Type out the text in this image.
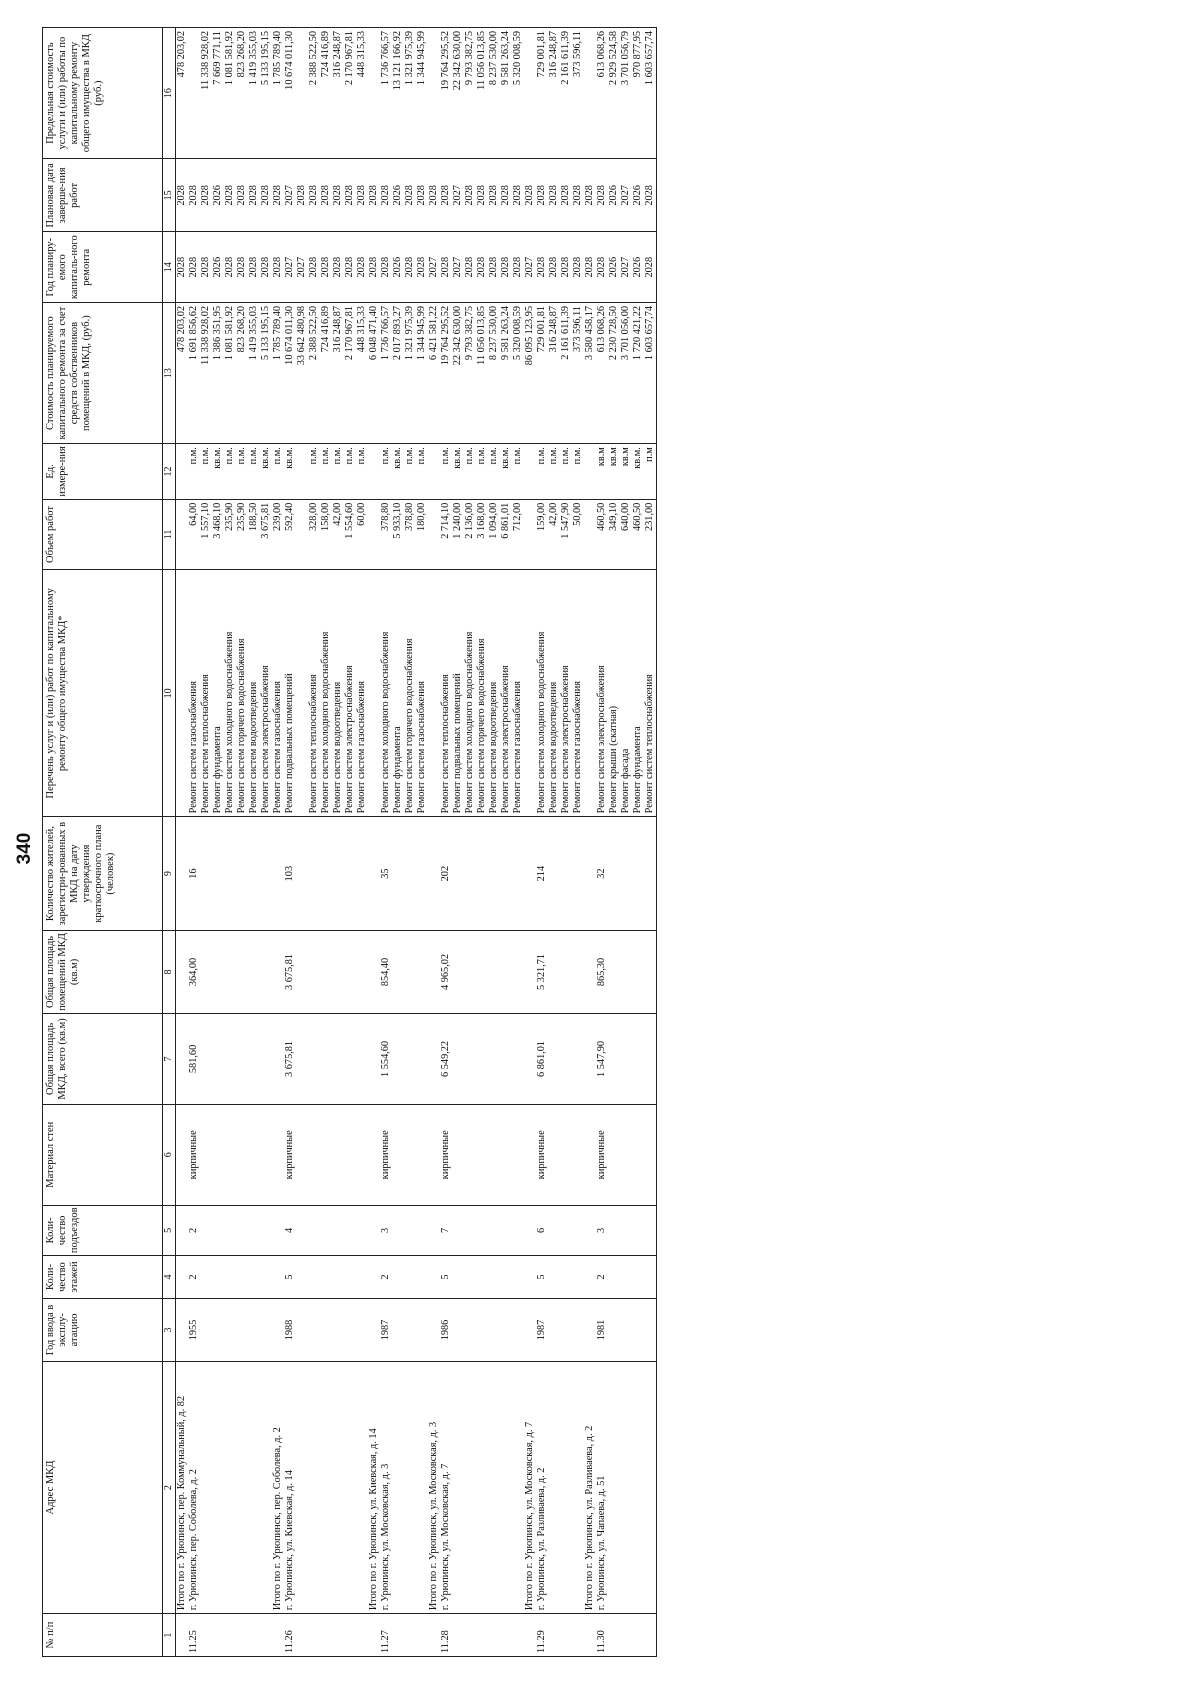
340
№ п/п	Адрес МКД	Год ввода в эксплу-атацию	Коли-чество этажей	Коли-чество подъездов	Материал стен	Общая площадь МКД, всего (кв.м)	Общая площадь помещений МКД (кв.м)	Количество жителей, зарегистри-рованных в МКД на дату утверждения краткосрочного плана (человек)	Перечень услуг и (или) работ по капитальному ремонту общего имущества МКД*	Объем работ	Ед. измере-ния	Стоимость планируемого капитального ремонта за счет средств собственников помещений в МКД, (руб.)	Год планиру-емого капиталь-ного ремонта	Плановая дата заверше-ния работ	Предельная стоимость услуги и (или) работы по капитальному ремонту общего имущества в МКД (руб.)
1	2	3	4	5	6	7	8	9	10	11	12	13	14	15	16
	Итого по г. Урюпинск, пер. Коммунальный, д. 82											478 203,02	2028	2028	478 203,02
11.25	г. Урюпинск, пер. Соболева, д. 2	1955	2	2	кирпичные	581,60	364,00	16	Ремонт систем газоснабжения	64,00	п.м.	1 691 856,62	2028	2028	
									Ремонт систем теплоснабжения	1 557,10	п.м.	11 338 928,02	2028	2028	11 338 928,02
									Ремонт фундамента	3 468,10	кв.м.	1 386 351,95	2026	2026	7 669 771,11
									Ремонт систем холодного водоснабжения	235,90	п.м.	1 081 581,92	2028	2028	1 081 581,92
									Ремонт систем горячего водоснабжения	235,90	п.м.	823 268,20	2028	2028	823 268,20
									Ремонт систем водоотведения	188,50	п.м.	1 419 355,03	2028	2028	1 419 355,03
									Ремонт систем электроснабжения	3 675,81	кв.м.	5 133 195,15	2028	2028	5 133 195,15
	Итого по г. Урюпинск, пер. Соболева, д. 2								Ремонт систем газоснабжения	239,00	п.м.	1 785 789,40	2028	2028	1 785 789,40
11.26	г. Урюпинск, ул. Киевская, д. 14	1988	5	4	кирпичные	3 675,81	3 675,81	103	Ремонт подвальных помещений	592,40	кв.м.	10 674 011,30	2027	2027	10 674 011,30
												33 642 480,98	2027	2028	
									Ремонт систем теплоснабжения	328,00	п.м.	2 388 522,50	2028	2028	2 388 522,50
									Ремонт систем холодного водоснабжения	158,00	п.м.	724 416,89	2028	2028	724 416,89
									Ремонт систем водоотведения	42,00	п.м.	316 248,87	2028	2028	316 248,87
									Ремонт систем электроснабжения	1 554,60	п.м.	2 170 967,81	2028	2028	2 170 967,81
									Ремонт систем газоснабжения	60,00	п.м.	448 315,33	2028	2028	448 315,33
	Итого по г. Урюпинск, ул. Киевская, д. 14											6 048 471,40	2028	2028	
11.27	г. Урюпинск, ул. Московская, д. 3	1987	2	3	кирпичные	1 554,60	854,40	35	Ремонт систем холодного водоснабжения	378,80	п.м.	1 736 766,57	2028	2028	1 736 766,57
									Ремонт фундамента	5 933,10	кв.м.	2 017 893,27	2026	2026	13 121 166,92
									Ремонт систем горячего водоснабжения	378,80	п.м.	1 321 975,39	2028	2028	1 321 975,39
									Ремонт систем газоснабжения	180,00	п.м.	1 344 945,99	2028	2028	1 344 945,99
	Итого по г. Урюпинск, ул. Московская, д. 3											6 421 581,22	2027	2028	
11.28	г. Урюпинск, ул. Московская, д. 7	1986	5	7	кирпичные	6 549,22	4 965,02	202	Ремонт систем теплоснабжения	2 714,10	п.м.	19 764 295,52	2028	2028	19 764 295,52
									Ремонт подвальных помещений	1 240,00	кв.м.	22 342 630,00	2027	2027	22 342 630,00
									Ремонт систем холодного водоснабжения	2 136,00	п.м.	9 793 382,75	2028	2028	9 793 382,75
									Ремонт систем горячего водоснабжения	3 168,00	п.м.	11 056 013,85	2028	2028	11 056 013,85
									Ремонт систем водоотведения	1 094,00	п.м.	8 237 530,00	2028	2028	8 237 530,00
									Ремонт систем электроснабжения	6 861,01	кв.м.	9 581 263,24	2028	2028	9 581 263,24
									Ремонт систем газоснабжения	712,00	п.м.	5 320 008,59	2028	2028	5 320 008,59
	Итого по г. Урюпинск, ул. Московская, д. 7											86 095 123,95	2027	2028	
11.29	г. Урюпинск, ул. Разливаева, д. 2	1987	5	6	кирпичные	6 861,01	5 321,71	214	Ремонт систем холодного водоснабжения	159,00	п.м.	729 001,81	2028	2028	729 001,81
									Ремонт систем водоотведения	42,00	п.м.	316 248,87	2028	2028	316 248,87
									Ремонт систем электроснабжения	1 547,90	п.м.	2 161 611,39	2028	2028	2 161 611,39
									Ремонт систем газоснабжения	50,00	п.м.	373 596,11	2028	2028	373 596,11
	Итого по г. Урюпинск, ул. Разливаева, д. 2											3 580 458,17	2028	2028	
11.30	г. Урюпинск, ул. Чапаева, д. 51	1981	2	3	кирпичные	1 547,90	865,30	32	Ремонт систем электроснабжения	460,50	кв.м	613 068,26	2028	2028	613 068,26
									Ремонт крыши (скатная)	349,10	кв.м	2 230 728,50	2026	2026	2 929 524,58
									Ремонт фасада	640,00	кв.м	3 701 056,00	2027	2027	3 701 056,79
									Ремонт фундамента	460,50	кв.м.	1 720 421,22	2026	2026	970 877,95
									Ремонт систем теплоснабжения	231,00	п.м	1 603 657,74	2028	2028	1 603 657,74
